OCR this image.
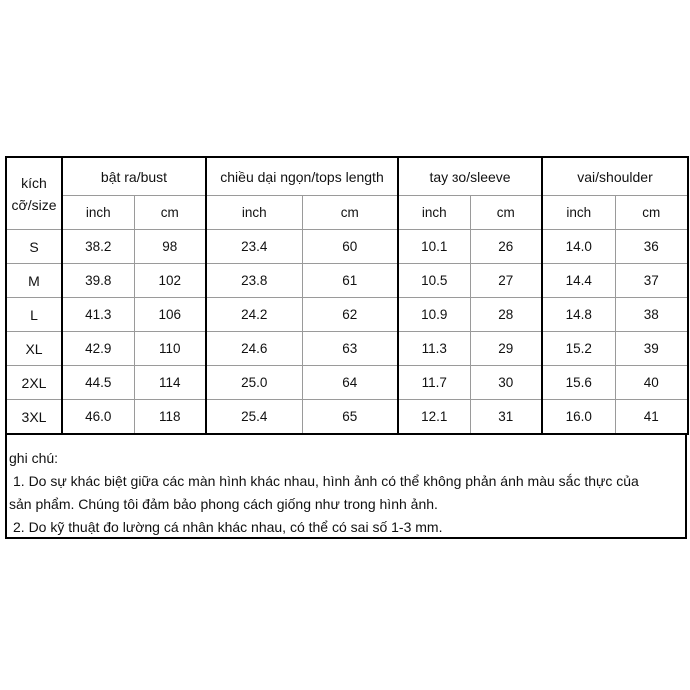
kích cỡ/size	bật ra/bust		chiều dại ngọn/tops length		tay ɜo/sleeve		vai/shoulder	
	inch	cm	inch	cm	inch	cm	inch	cm
S	38.2	98	23.4	60	10.1	26	14.0	36
M	39.8	102	23.8	61	10.5	27	14.4	37
L	41.3	106	24.2	62	10.9	28	14.8	38
XL	42.9	110	24.6	63	11.3	29	15.2	39
2XL	44.5	114	25.0	64	11.7	30	15.6	40
3XL	46.0	118	25.4	65	12.1	31	16.0	41
ghi chú:
1. Do sự khác biệt giữa các màn hình khác nhau, hình ảnh có thể không phản ánh màu sắc thực của
sản phẩm. Chúng tôi đảm bảo phong cách giống như trong hình ảnh.
2. Do kỹ thuật đo lường cá nhân khác nhau, có thể có sai số 1-3 mm.
